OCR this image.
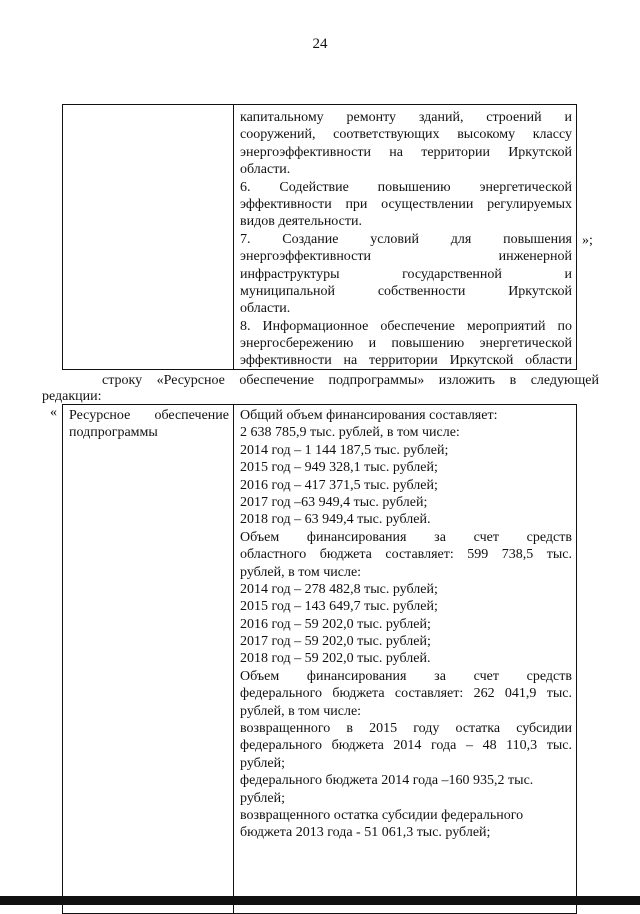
24
капитальному ремонту зданий, строений и
сооружений, соответствующих высокому классу
энергоэффективности на территории Иркутской
области.
6. Содействие повышению энергетической
эффективности при осуществлении регулируемых
видов деятельности.
7. Создание условий для повышения
энергоэффективности инженерной
инфраструктуры государственной и
муниципальной собственности Иркутской
области.
8. Информационное обеспечение мероприятий по
энергосбережению и повышению энергетической
эффективности на территории Иркутской области
»;
строку «Ресурсное обеспечение подпрограммы» изложить в следующей
редакции:
« Ресурсное обеспечение
подпрограммы
Общий объем финансирования составляет:
2 638 785,9 тыс. рублей, в том числе:
2014 год – 1 144 187,5 тыс. рублей;
2015 год – 949 328,1 тыс. рублей;
2016 год – 417 371,5 тыс. рублей;
2017 год –63 949,4 тыс. рублей;
2018 год – 63 949,4 тыс. рублей.
Объем финансирования за счет средств
областного бюджета составляет: 599 738,5 тыс.
рублей, в том числе:
2014 год – 278 482,8 тыс. рублей;
2015 год – 143 649,7 тыс. рублей;
2016 год – 59 202,0 тыс. рублей;
2017 год – 59 202,0 тыс. рублей;
2018 год – 59 202,0 тыс. рублей.
Объем финансирования за счет средств
федерального бюджета составляет: 262 041,9 тыс.
рублей, в том числе:
возвращенного в 2015 году остатка субсидии
федерального бюджета 2014 года – 48 110,3 тыс.
рублей;
федерального бюджета 2014 года –160 935,2 тыс.
рублей;
возвращенного остатка субсидии федерального
бюджета 2013 года - 51 061,3 тыс. рублей;
